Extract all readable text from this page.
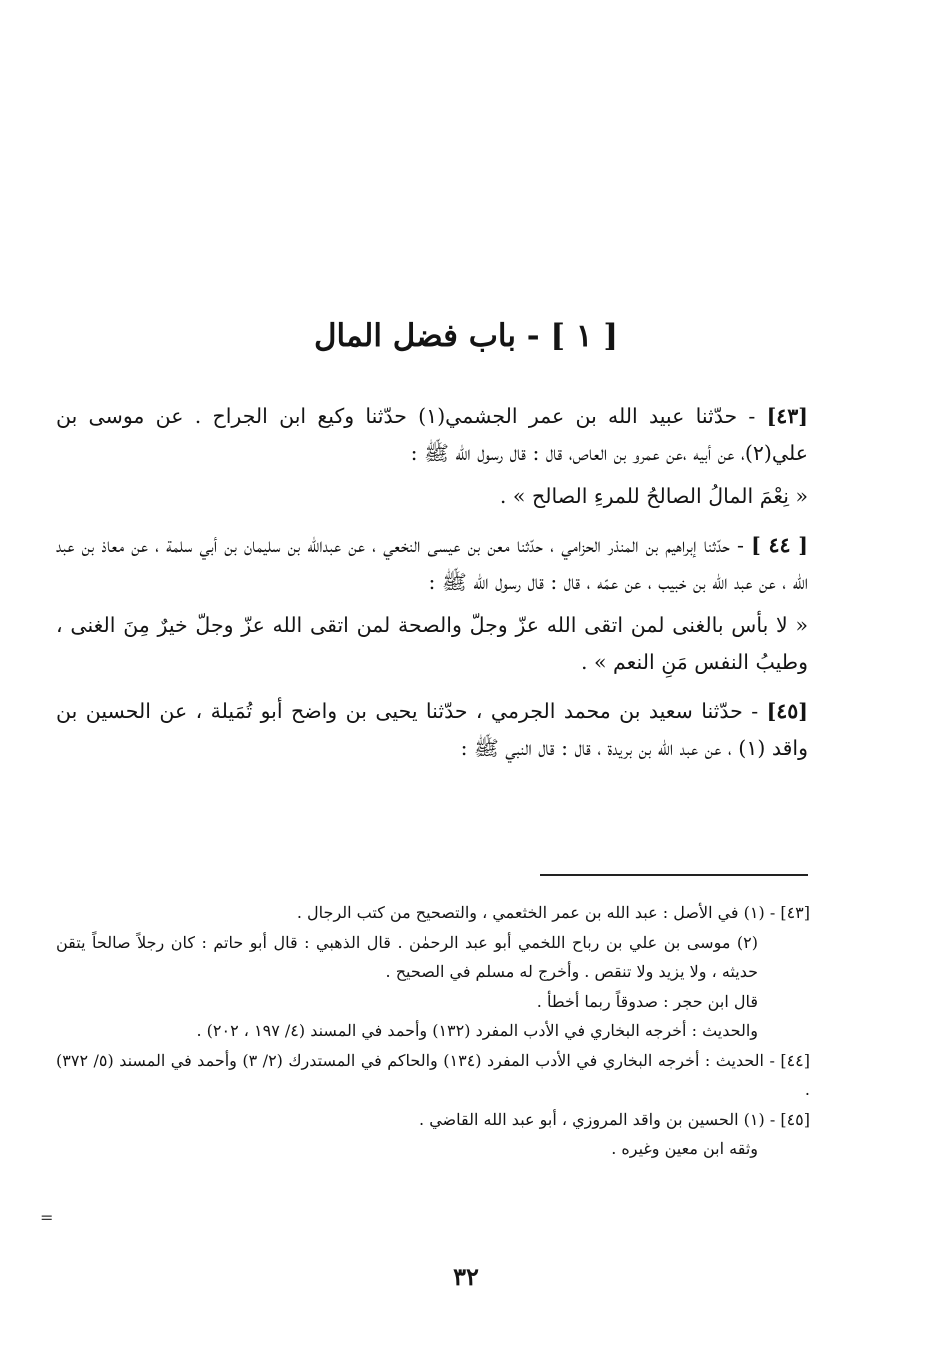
[ ١ ] - باب فضل المال

[٤٣] - حدّثنا عبيد الله بن عمر الجشمي(١) حدّثنا وكيع ابن الجراح . عن موسى بن علي(٢)، عن أبيه ،عن عمرو بن العاص، قال : قال رسول الله ﷺ :

« نِعْمَ المالُ الصالحُ للمرءِ الصالح » .

[ ٤٤ ] - حدّثنا إبراهيم بن المنذر الحزامي ، حدّثنا معن بن عيسى النخعي ، عن عبدالله بن سليمان بن أبي سلمة ، عن معاذ بن عبد الله ، عن عبد الله بن خبيب ، عن عمّه ، قال : قال رسول الله ﷺ :

« لا بأس بالغنى لمن اتقى الله عزّ وجلّ والصحة لمن اتقى الله عزّ وجلّ خيرٌ مِنَ الغنى ، وطيبُ النفس مَنِ النعم » .

[٤٥] - حدّثنا سعيد بن محمد الجرمي ، حدّثنا يحيى بن واضح أبو تُمَيلة ، عن الحسين بن واقد (١) ، عن عبد الله بن بريدة ، قال : قال النبي ﷺ :

[٤٣] - (١) في الأصل : عبد الله بن عمر الخثعمي ، والتصحيح من كتب الرجال .

(٢) موسى بن علي بن رباح اللخمي أبو عبد الرحمٰن . قال الذهبي : قال أبو حاتم : كان رجلاً صالحاً يتقن حديثه ، ولا يزيد ولا تنقص . وأخرج له مسلم في الصحيح .

قال ابن حجر : صدوقاً ربما أخطأ .

والحديث : أخرجه البخاري في الأدب المفرد (١٣٢) وأحمد في المسند (٤/ ١٩٧ ، ٢٠٢) .

[٤٤] - الحديث : أخرجه البخاري في الأدب المفرد (١٣٤) والحاكم في المستدرك (٢/ ٣) وأحمد في المسند (٥/ ٣٧٢) .

[٤٥] - (١) الحسين بن واقد المروزي ، أبو عبد الله القاضي .

وثقه ابن معين وغيره .

=
٣٢
